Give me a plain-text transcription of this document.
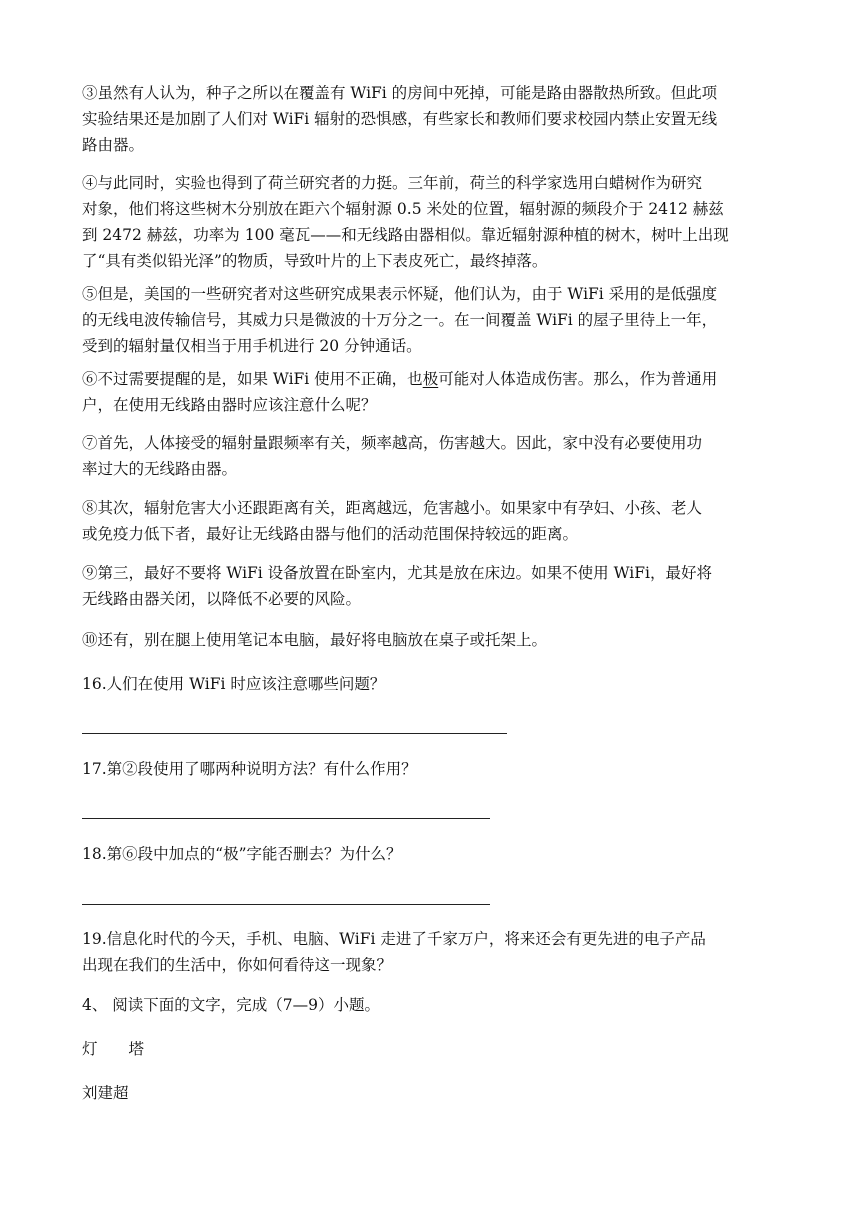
③虽然有人认为，种子之所以在覆盖有 WiFi 的房间中死掉，可能是路由器散热所致。但此项
实验结果还是加剧了人们对 WiFi 辐射的恐惧感，有些家长和教师们要求校园内禁止安置无线
路由器。

④与此同时，实验也得到了荷兰研究者的力挺。三年前，荷兰的科学家选用白蜡树作为研究
对象，他们将这些树木分别放在距六个辐射源 0.5 米处的位置，辐射源的频段介于 2412 赫兹
到 2472 赫兹，功率为 100 毫瓦——和无线路由器相似。靠近辐射源种植的树木，树叶上出现
了“具有类似铅光泽”的物质，导致叶片的上下表皮死亡，最终掉落。

⑤但是，美国的一些研究者对这些研究成果表示怀疑，他们认为，由于 WiFi 采用的是低强度
的无线电波传输信号，其威力只是微波的十万分之一。在一间覆盖 WiFi 的屋子里待上一年，
受到的辐射量仅相当于用手机进行 20 分钟通话。

⑥不过需要提醒的是，如果 WiFi 使用不正确，也极可能对人体造成伤害。那么，作为普通用
户，在使用无线路由器时应该注意什么呢？

⑦首先，人体接受的辐射量跟频率有关，频率越高，伤害越大。因此，家中没有必要使用功
率过大的无线路由器。

⑧其次，辐射危害大小还跟距离有关，距离越远，危害越小。如果家中有孕妇、小孩、老人
或免疫力低下者，最好让无线路由器与他们的活动范围保持较远的距离。

⑨第三，最好不要将 WiFi 设备放置在卧室内，尤其是放在床边。如果不使用 WiFi，最好将
无线路由器关闭，以降低不必要的风险。

⑩还有，别在腿上使用笔记本电脑，最好将电脑放在桌子或托架上。

16.人们在使用 WiFi 时应该注意哪些问题？

17.第②段使用了哪两种说明方法？有什么作用？

18.第⑥段中加点的“极”字能否删去？为什么？

19.信息化时代的今天，手机、电脑、WiFi 走进了千家万户，将来还会有更先进的电子产品
出现在我们的生活中，你如何看待这一现象？

4、 阅读下面的文字，完成（7—9）小题。

灯　　塔

刘建超
